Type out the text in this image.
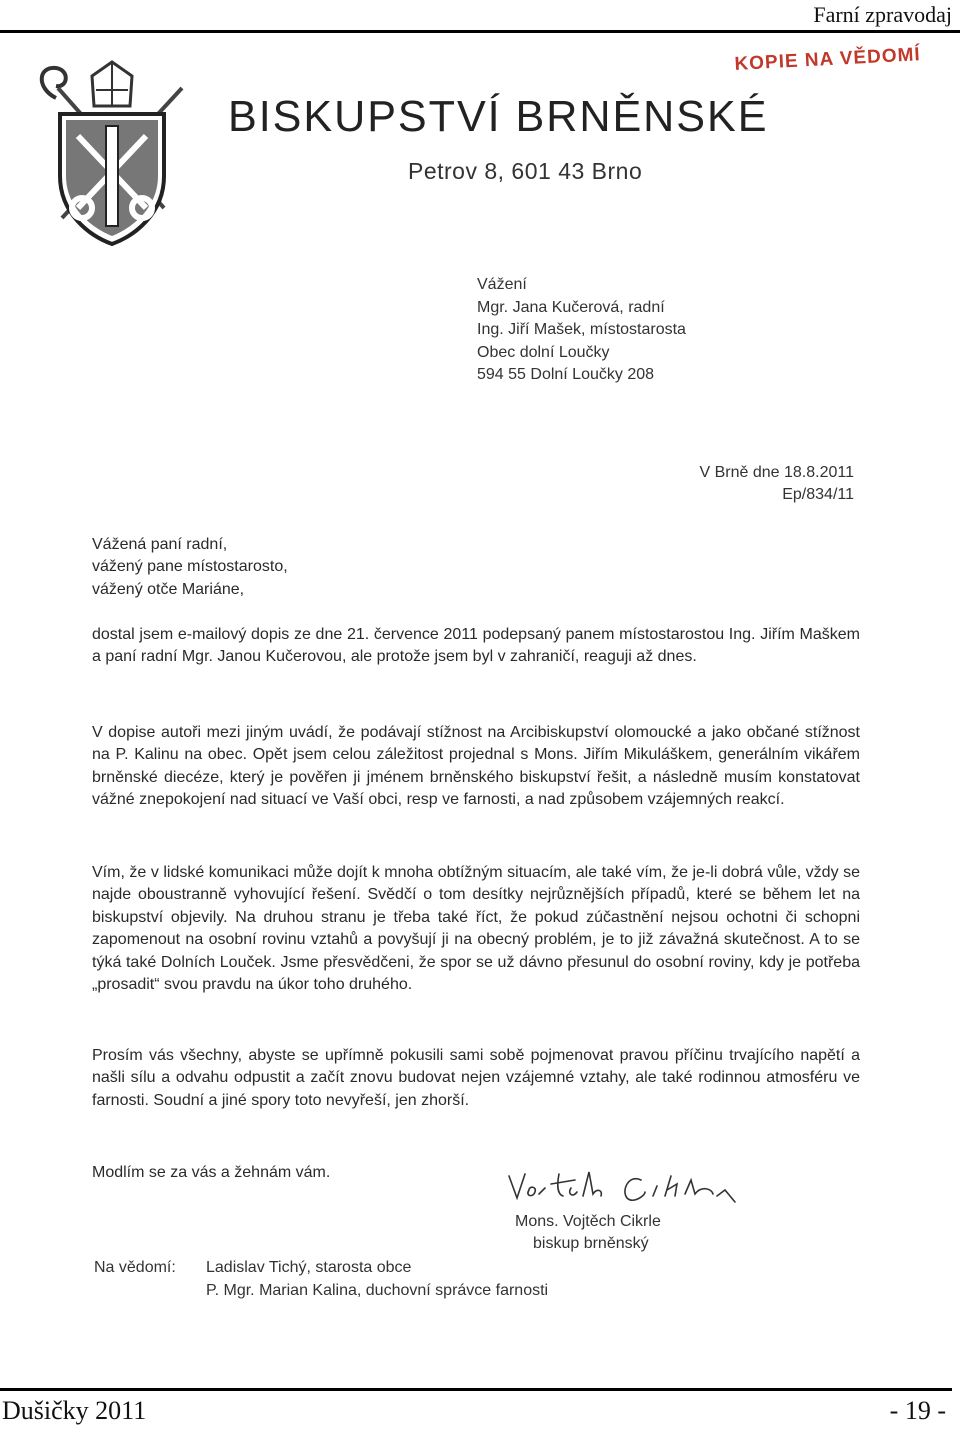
Farní zpravodaj
KOPIE NA VĚDOMÍ
BISKUPSTVÍ BRNĚNSKÉ
Petrov 8, 601 43 Brno
Vážení
Mgr. Jana Kučerová, radní
Ing. Jiří Mašek, místostarosta
Obec dolní Loučky
594 55 Dolní Loučky 208
V Brně dne 18.8.2011
Ep/834/11
Vážená paní radní,
vážený pane místostarosto,
vážený otče Mariáne,
dostal jsem e-mailový dopis ze dne 21. července 2011 podepsaný panem místostarostou Ing. Jiřím Maškem a paní radní Mgr. Janou Kučerovou, ale protože jsem byl v zahraničí, reaguji až dnes.
V dopise autoři mezi jiným uvádí, že podávají stížnost na Arcibiskupství olomoucké a jako občané stížnost na P. Kalinu na obec. Opět jsem celou záležitost projednal s Mons. Jiřím Mikuláškem, generálním vikářem brněnské diecéze, který je pověřen ji jménem brněnského biskupství řešit, a následně musím konstatovat vážné znepokojení nad situací ve Vaší obci, resp ve farnosti, a nad způsobem vzájemných reakcí.
Vím, že v lidské komunikaci může dojít k mnoha obtížným situacím, ale také vím, že je-li dobrá vůle, vždy se najde oboustranně vyhovující řešení. Svědčí o tom desítky nejrůznějších případů, které se během let na biskupství objevily. Na druhou stranu je třeba také říct, že pokud zúčastnění nejsou ochotni či schopni zapomenout na osobní rovinu vztahů a povyšují ji na obecný problém, je to již závažná skutečnost. A to se týká také Dolních Louček. Jsme přesvědčeni, že spor se už dávno přesunul do osobní roviny, kdy je potřeba „prosadit“ svou pravdu na úkor toho druhého.
Prosím vás všechny, abyste se upřímně pokusili sami sobě pojmenovat pravou příčinu trvajícího napětí a našli sílu a odvahu odpustit a začít znovu budovat nejen vzájemné vztahy, ale také rodinnou atmosféru ve farnosti. Soudní a jiné spory toto nevyřeší, jen zhorší.
Modlím se za vás a žehnám vám.
Mons. Vojtěch Cikrle
biskup brněnský
Na vědomí: Ladislav Tichý, starosta obce
P. Mgr. Marian Kalina, duchovní správce farnosti
Dušičky 2011	- 19 -
